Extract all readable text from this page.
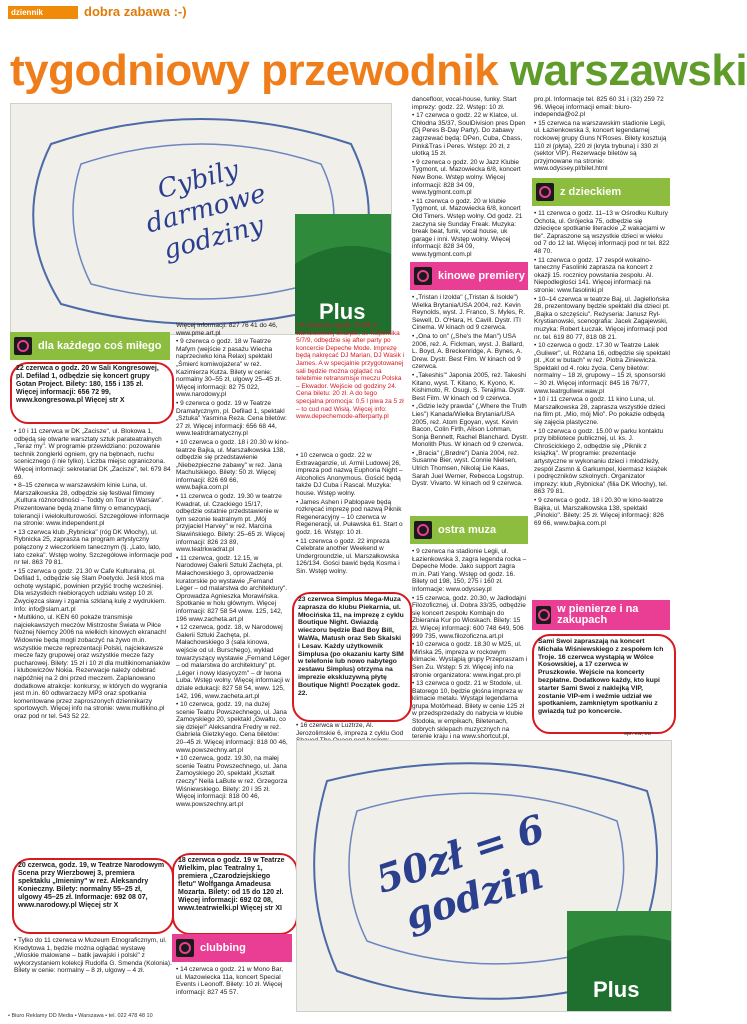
dziennik	dobra zabawa :-)
tygodniowy przewodnik warszawski
Cybily darmowe godziny
Plus
dla każdego coś miłego
22 czerwca o godz. 20 w Sali Kongresowej, pl. Defilad 1, odbędzie się koncert grupy Gotan Project. Bilety: 180, 155 i 135 zł. Więcej informacji: 656 72 99, www.kongresowa.pl Więcej str X

• 10 i 11 czerwca w DK „Zacisze", ul. Blokowa 1, odbędą się otwarte warsztaty sztuk parateatralnych „Teraz my". W programie przewidziano: pozowanie technik żonglerki ogniem, gry na bębnach, ruchu scenicznego (i nie tylko). Liczba miejsc ograniczona. Więcej informacji: sekretariat DK „Zacisze", tel. 679 84 69.

• 8–15 czerwca w warszawskim kinie Luna, ul. Marszałkowska 28, odbędzie się festiwal filmowy „Kultura różnorodności – Toddy on Tour in Warsaw". Prezentowane będą znane filmy o emancypacji, tolerancji i wielokulturowości. Szczegółowe informacje na stronie: www.independent.pl

• 13 czerwca klub „Rybnicka" (róg DK Włochy), ul. Rybnicka 25, zaprasza na program artystyczny połączony z wieczorkiem tanecznym (tj. „Lato, lato, lato czeka". Wstęp wolny. Szczegółowe informacje pod nr tel. 863 79 81.

• 15 czerwca o godz. 21.30 w Cafe Kulturalna, pl. Defilad 1, odbędzie się Slam Poetycki. Jeśli ktoś ma ochotę wystąpić, powinien przyjść trochę wcześniej. Dla wszystkich niebiorących udziału wstęp 10 zł. Zwycięzca sławy i zgarnia szklaną kulę z wydrukiem. Info: info@slam.art.pl

• Multikino, ul. KEN 60 pokaże transmisje najciekawszych meczów Mistrzostw Świata w Piłce Nożnej Niemcy 2006 na wielkich kinowych ekranach! Widownie będą mogli zobaczyć na żywo m.in. wszystkie mecze reprezentacji Polski, najciekawsze mecze fazy grupowej oraz wszystkie mecze fazy pucharowej. Bilety: 15 zł i 10 zł dla multikinomaniaków i klubowiczów Nokia. Rezerwacje należy odebrać najpóźniej na 2 dni przed meczem. Zaplanowano dodatkowe atrakcje: konkursy, w których do wygrania jest m.in. 60 odtwarzaczy MP3 oraz spotkania komentowane przez zaproszonych dziennikarzy sportowych. Więcej info na stronie: www.multikino.pl oraz pod nr tel. 543 52 22.

20 czerwca, godz. 19, w Teatrze Narodowym Scena przy Wierzbowej 3, premiera spektaklu „Imieniny" w reż. Aleksandry Konieczny. Bilety: normalny 55–25 zł, ulgowy 45–25 zł. Informacje: 692 08 07, www.narodowy.pl Więcej str X

• Tylko do 11 czerwca w Muzeum Etnograficznym, ul. Kredytowa 1, będzie można oglądać wystawę „Wioskie malowane – batik jawajski i polski" z wykorzystaniem kolekcji Rudolfa G. Smenda (Kolonia). Bilety w cenie: normalny – 8 zł, ulgowy – 4 zł.

Więcej informacji: 827 76 41 do 46, www.pme.art.pl

• 9 czerwca o godz. 18 w Teatrze Mafym (wejście z pasażu Wiecha naprzeciwko kina Relax) spektakl „Śmierć komiwojażera" w reż. Kazimierza Kutza. Bilety w cenie: normalny 30–55 zł, ulgowy 25–45 zł. Więcej informacji: 82 75 022, www.narodowy.pl

• 9 czerwca o godz. 19 w Teatrze Dramatycznym, pl. Defilad 1, spektakl „Sztuka" Yasmina Reza. Cena biletów: 27 zł. Więcej informacji: 656 68 44, www.teatrdramatyczny.pl

• 10 czerwca o godz. 18 i 20.30 w kino-teatrze Bajka, ul. Marszałkowska 138, odbędzie się przedstawienie „Niebezpieczne zabawy" w reż. Jana Machulskiego. Bilety: 50 zł. Więcej informacji: 826 69 66, www.bajka.com.pl

• 11 czerwca o godz. 19.30 w teatrze Kwadrat, ul. Czackiego 15/17, odbędzie ostatnie przedstawienie w tym sezonie teatralnym pt. „Mój przyjaciel Harvey" w reż. Marcina Sławińskiego. Bilety: 25–65 zł. Więcej informacji: 826 23 89, www.teatrkwadrat.pl

• 11 czerwca, godz. 12.15, w Narodowej Galerii Sztuki Zachęta, pl. Małachowskiego 3, oprowadzenie kuratorskie po wystawie „Fernand Léger – od malarstwa do architektury". Oprowadza Agnieszka Morawińska. Spotkanie w holu głównym. Więcej informacji: 827 58 54 www. 125, 142, 196 www.zacheta.art.pl

• 12 czerwca, godz. 18, w Narodowej Galerii Sztuki Zachęta, pl. Małachowskiego 3 (sala kinowa, wejście od ul. Burschego), wykład towarzyszący wystawie „Fernand Léger – od malarstwa do architektury" pt. „Léger i nowy klasycyzm" – dr Iwona Luba. Wstęp wolny. Więcej informacji w dziale edukacji: 827 58 54, www. 125, 142, 196, www.zacheta.art.pl

• 10 czerwca, godz. 19, na dużej scenie Teatru Powszechnego, ul. Jana Zamoyskiego 20, spektakl „Gwałtu, co się dzieje!" Aleksandra Fredry w reż. Gabriela Gietzky'ego. Cena biletów: 20–45 zł. Więcej informacji: 818 00 46, www.powszechny.art.pl

• 10 czerwca, godz. 19.30, na małej scenie Teatru Powszechnego, ul. Jana Zamoyskiego 20, spektakl „Kształt rzeczy" Neila LaBute w reż. Grzegorza Wiśniewskiego. Bilety: 20 i 35 zł. Więcej informacji: 818 00 46, www.powszechny.art.pl

18 czerwca o godz. 19 w Teatrze Wielkim, plac Teatralny 1, premiera „Czarodziejskiego fletu" Wolfganga Amadeusa Mozarta. Bilety: od 15 do 120 zł. Więcej informacji: 692 02 08, www.teatrwielki.pl Więcej str XI
clubbing

• 14 czerwca o godz. 21 w Mono Bar, ul. Mazowiecka 11a, koncert Special Events i Leonoff. Bilety: 10 zł. Więcej informacji: 827 45 57.

• 9 czerwca o godz. 23.59 w warszawskiej Skarpie, ul. Kopernika 5/7/9, odbędzie się after party po koncercie Depeche Mode. Imprezę będą nakręcać DJ Marian, DJ Wasik i James. A w specjalnie przygotowanej sali będzie można oglądać na telebimie retransmisje meczu Polska – Ekwador. Wejście od godziny 24. Cena biletu: 20 zł. A do tego specjalna promocja: 0,5 l piwa za 5 zł – to cud nad Wisłą. Więcej info: www.depechemode-afterparty.pl

• 10 czerwca o godz. 22 w Extravaganzie, ul. Armii Ludowej 26, impreza pod nazwą Euphoria Night – Alcoholics Anonymous. Gościć będą także DJ Cuba i Rascal. Muzyka: house. Wstęp wolny.

• James Ashen i Pablopave będą rozkręcać imprezę pod nazwą Piknik Regeneracyjny – 10 czerwca w Regeneracji, ul. Puławska 61. Start o godz. 16. Wstęp: 10 zł.

• 11 czerwca o godz. 22 impreza Celebrate another Weekend w Undergroundzie, ul. Marszałkowska 126/134. Gości bawić będą Kosma i Sin. Wstęp wolny.

23 czerwca Simplus Mega-Muza zaprasza do klubu Piekarnia, ul. Młocińska 11, na imprezę z cyklu Boutique Night. Gwiazdą wieczoru będzie Bad Boy Bill, WaWa, Matush oraz Seb Skalski i Lesav. Każdy użytkownik Simplusa (po okazaniu karty SIM w telefonie lub nowo nabytego zestawu Simplus) otrzyma na imprezie ekskluzywną płytę Boutique Night! Początek godz. 22.

• 16 czerwca w Luztrze, Al. Jerozolimskie 6, impreza z cyklu God

dancefloor, vocal-house, funky. Start imprezy: godz. 22. Wstęp: 10 zł.

• 17 czerwca o godz. 22 w Klatce, ul. Chłodna 35/37, SoulDivision pres Dpen (Dj Peres B-Day Party). Do zabawy zagrzewać będą: DPen, Cuba, Cbass, Pink&Tras i Peres. Wstęp: 20 zł, z ulotką 15 zł.

• 9 czerwca o godz. 20 w Jazz Klubie Tygmont, ul. Mazowiecka 6/8, koncert New Bone. Wstęp wolny. Więcej informacji: 828 34 09, www.tygmont.com.pl

• 11 czerwca o godz. 20 w klubie Tygmont, ul. Mazowiecka 6/8, koncert Old Timers. Wstęp wolny. Od godz. 21 zaczyna się Sunday Freak. Muzyka: break beat, funk, vocal house, uk garage i inni. Wstęp wolny. Więcej informacji: 828 34 09, www.tygmont.com.pl

kinowe premiery

• „Tristan i Izolda" („Tristan & Isolde") Wielka Brytania/USA 2004, reż. Kevin Reynolds, wyst. J. Franco, S. Myles, R. Sewell, D. O'Hara, H. Cavill. Dystr. ITI Cinema. W kinach od 9 czerwca.

• „Ona to on" („She's the Man") USA 2006, reż. A. Fickman, wyst. J. Ballard, L. Boyd, A. Breckenridge, A. Bynes, A. Drew. Dystr. Best Film. W kinach od 9 czerwca.

• „Takeshis'" Japonia 2005, reż. Takeshi Kitano, wyst. T. Kitano, K. Kyono, K. Kishimoto, R. Osugi, S. Terajima. Dystr. Best Film. W kinach od 9 czerwca.

• „Gdzie leży prawda" („Where the Truth Lies") Kanada/Wielka Brytania/USA 2005, reż. Atom Egoyan, wyst. Kevin Bacon, Colin Firth, Alison Lohman, Sonja Bennett, Rachel Blanchard. Dystr. Monolith Plus. W kinach od 9 czerwca.

• „Bracia" („Brødre") Dania 2004, reż. Susanne Bier, wyst. Connie Nielsen, Ulrich Thomsen, Nikolaj Lie Kaas, Sarah Juel Werner, Rebecca Logstrup. Dystr. Vivarto. W kinach od 9 czerwca.

ostra muza

• 9 czerwca na stadionie Legii, ul. Łazienkowska 3, zagra legenda rocka – Depeche Mode. Jako support zagra m.in. Pati Yang. Wstęp od godz. 16. Bilety od 198, 150, 275 i 160 zł. Informacje: www.odyssey.pl

• 15 czerwca, godz. 20.30, w Jadłodajni Filozoficznej, ul. Dobra 33/35, odbędzie się koncert zespołu Kombajn do Zbierania Kur po Wioskach. Bilety: 15 zł. Więcej informacji: 600 748 649, 506 999 735, www.filozoficzna.art.pl

• 10 czerwca o godz. 18.30 w M25, ul. Mińska 25, impreza w rockowym klimacie. Wystąpią grupy Przepraszam i Sen Zu. Wstęp: 5 zł. Więcej info na stronie organizatora: www.ingat.pro.pl

• 13 czerwca o godz. 21 w Stodole, ul. Batorego 10, będzie głośna impreza w klimacie metalu. Wystąpi legendarna grupa Motörhead. Bilety w cenie 125 zł w przedsprzedaży do nabycia w klubie Stodoła, w empikach, Biletenach, dobrych sklepach muzycznych na terenie kraju i na www.shortcut.pl,

pro.pl. Informacje tel. 825 60 31 i (32) 259 72 96. Więcej informacji email: biuro-independa@o2.pl

• 15 czerwca na warszawskim stadionie Legii, ul. Łazienkowska 3, koncert legendarnej rockowej grupy Guns N'Roses. Bilety kosztują 110 zł (płyta), 220 zł (kryta trybuna) i 330 zł (sektor VIP). Rezerwacje biletów są przyjmowane na stronie: www.odyssey.pl/bilet.html

z dzieckiem

• 11 czerwca o godz. 11–13 w Ośrodku Kultury Ochota, ul. Grójecka 75, odbędzie się dziecięce spotkanie literackie „Z wakacjami w tle". Zapraszone są wszystkie dzieci w wieku od 7 do 12 lat. Więcej informacji pod nr tel. 822 48 70.

• 11 czerwca o godz. 17 zespół wokalno-taneczny Fasolinki zaprasza na koncert z okazji 15. rocznicy powstania zespołu. Al. Niepodległości 141. Więcej informacji na stronie: www.fasolinki.pl

• 10–14 czerwca w teatrze Baj, ul. Jagiellońska 28, prezentowany będzie spektakl dla dzieci pt. „Bajka o szczęściu". Reżyseria: Janusz Ryl-Krystianowski, scenografia: Jacek Zagajewski, muzyka: Robert Łuczak. Więcej informacji pod nr. tel. 619 80 77, 818 08 21.

• 10 czerwca o godz. 17.30 w Teatrze Lalek „Guliwer", ul. Różana 16, odbędzie się spektakl pt. „Kot w butach" w reż. Piotra Ziniewicza. Spektakl od 4. roku życia. Ceny biletów: normalny – 18 zł, grupowy – 15 zł, sponsorski – 30 zł. Więcej informacji: 845 16 76/77, www.teatrguliwer.waw.pl

• 10 i 11 czerwca o godz. 11 kino Luna, ul. Marszałkowska 28, zaprasza wszystkie dzieci na film pt. „Mio, mój Mio". Po pokazie odbędą się zajęcia plastyczne.

• 10 czerwca o godz. 15.00 w parku kontaktu przy bibliotece publicznej, ul. ks. J. Chrościckiego 2, odbędzie się „Piknik z książką". W programie: prezentacje artystyczne w wykonaniu dzieci i młodzieży, zespół Zasmn & Garkumpel, kiermasz książek i podręczników szkolnych. Organizator imprezy: klub „Rybnicka" (filia DK Włochy), tel. 863 79 81.

• 9 czerwca o godz. 18 i 20.30 w kino-teatrze Bajka, ul. Marszałkowska 138, spektakl „Pinokio". Bilety: 25 zł. Więcej informacji: 826 69 66, www.bajka.com.pl

w pienierze i na zakupach
Sami Swoi zapraszają na koncert Michała Wiśniewskiego z zespołem Ich Troje. 16 czerwca wystąpią w Wólce Kosowskiej, a 17 czerwca w Pruszkowie. Wejście na koncerty bezpłatne. Dodatkowo każdy, kto kupi starter Sami Swoi z naklejką VIP, zostanie VIP-em i weźmie udział we spotkaniem, zamkniętym spotkaniu z gwiazdą tuż po koncercie.
opr. ew, sw
50zł = 6 godzin
Plus
• Biuro Reklamy DD Media • Warszawa • tel. 022 478 48 10
